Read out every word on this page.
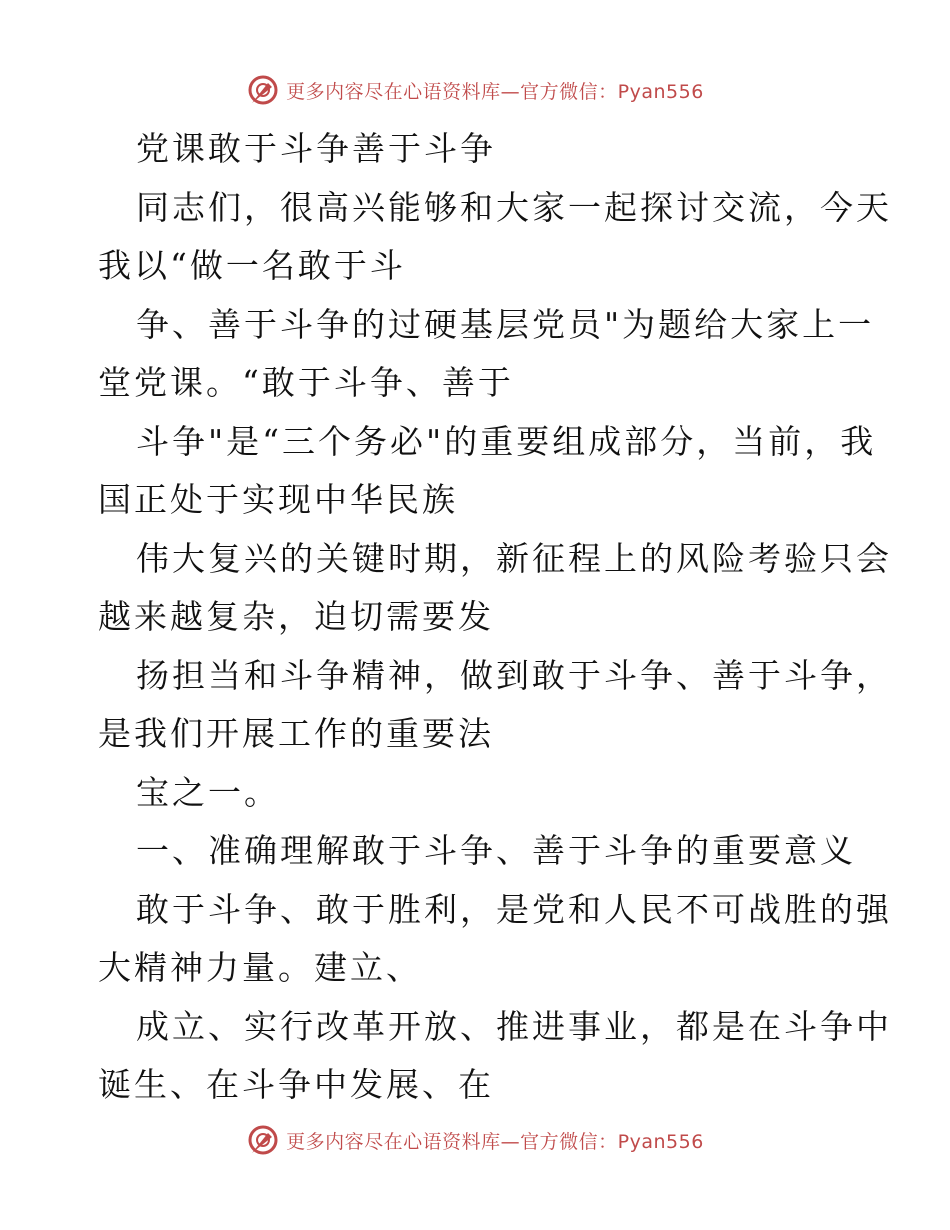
更多内容尽在心语资料库—官方微信：Pyan556
党课敢于斗争善于斗争
同志们，很高兴能够和大家一起探讨交流，今天
我以“做一名敢于斗
争、善于斗争的过硬基层党员"为题给大家上一
堂党课。“敢于斗争、善于
斗争"是“三个务必"的重要组成部分，当前，我
国正处于实现中华民族
伟大复兴的关键时期，新征程上的风险考验只会
越来越复杂，迫切需要发
扬担当和斗争精神，做到敢于斗争、善于斗争，
是我们开展工作的重要法
宝之一。
一、准确理解敢于斗争、善于斗争的重要意义
敢于斗争、敢于胜利，是党和人民不可战胜的强
大精神力量。建立、
成立、实行改革开放、推进事业，都是在斗争中
诞生、在斗争中发展、在
更多内容尽在心语资料库—官方微信：Pyan556
